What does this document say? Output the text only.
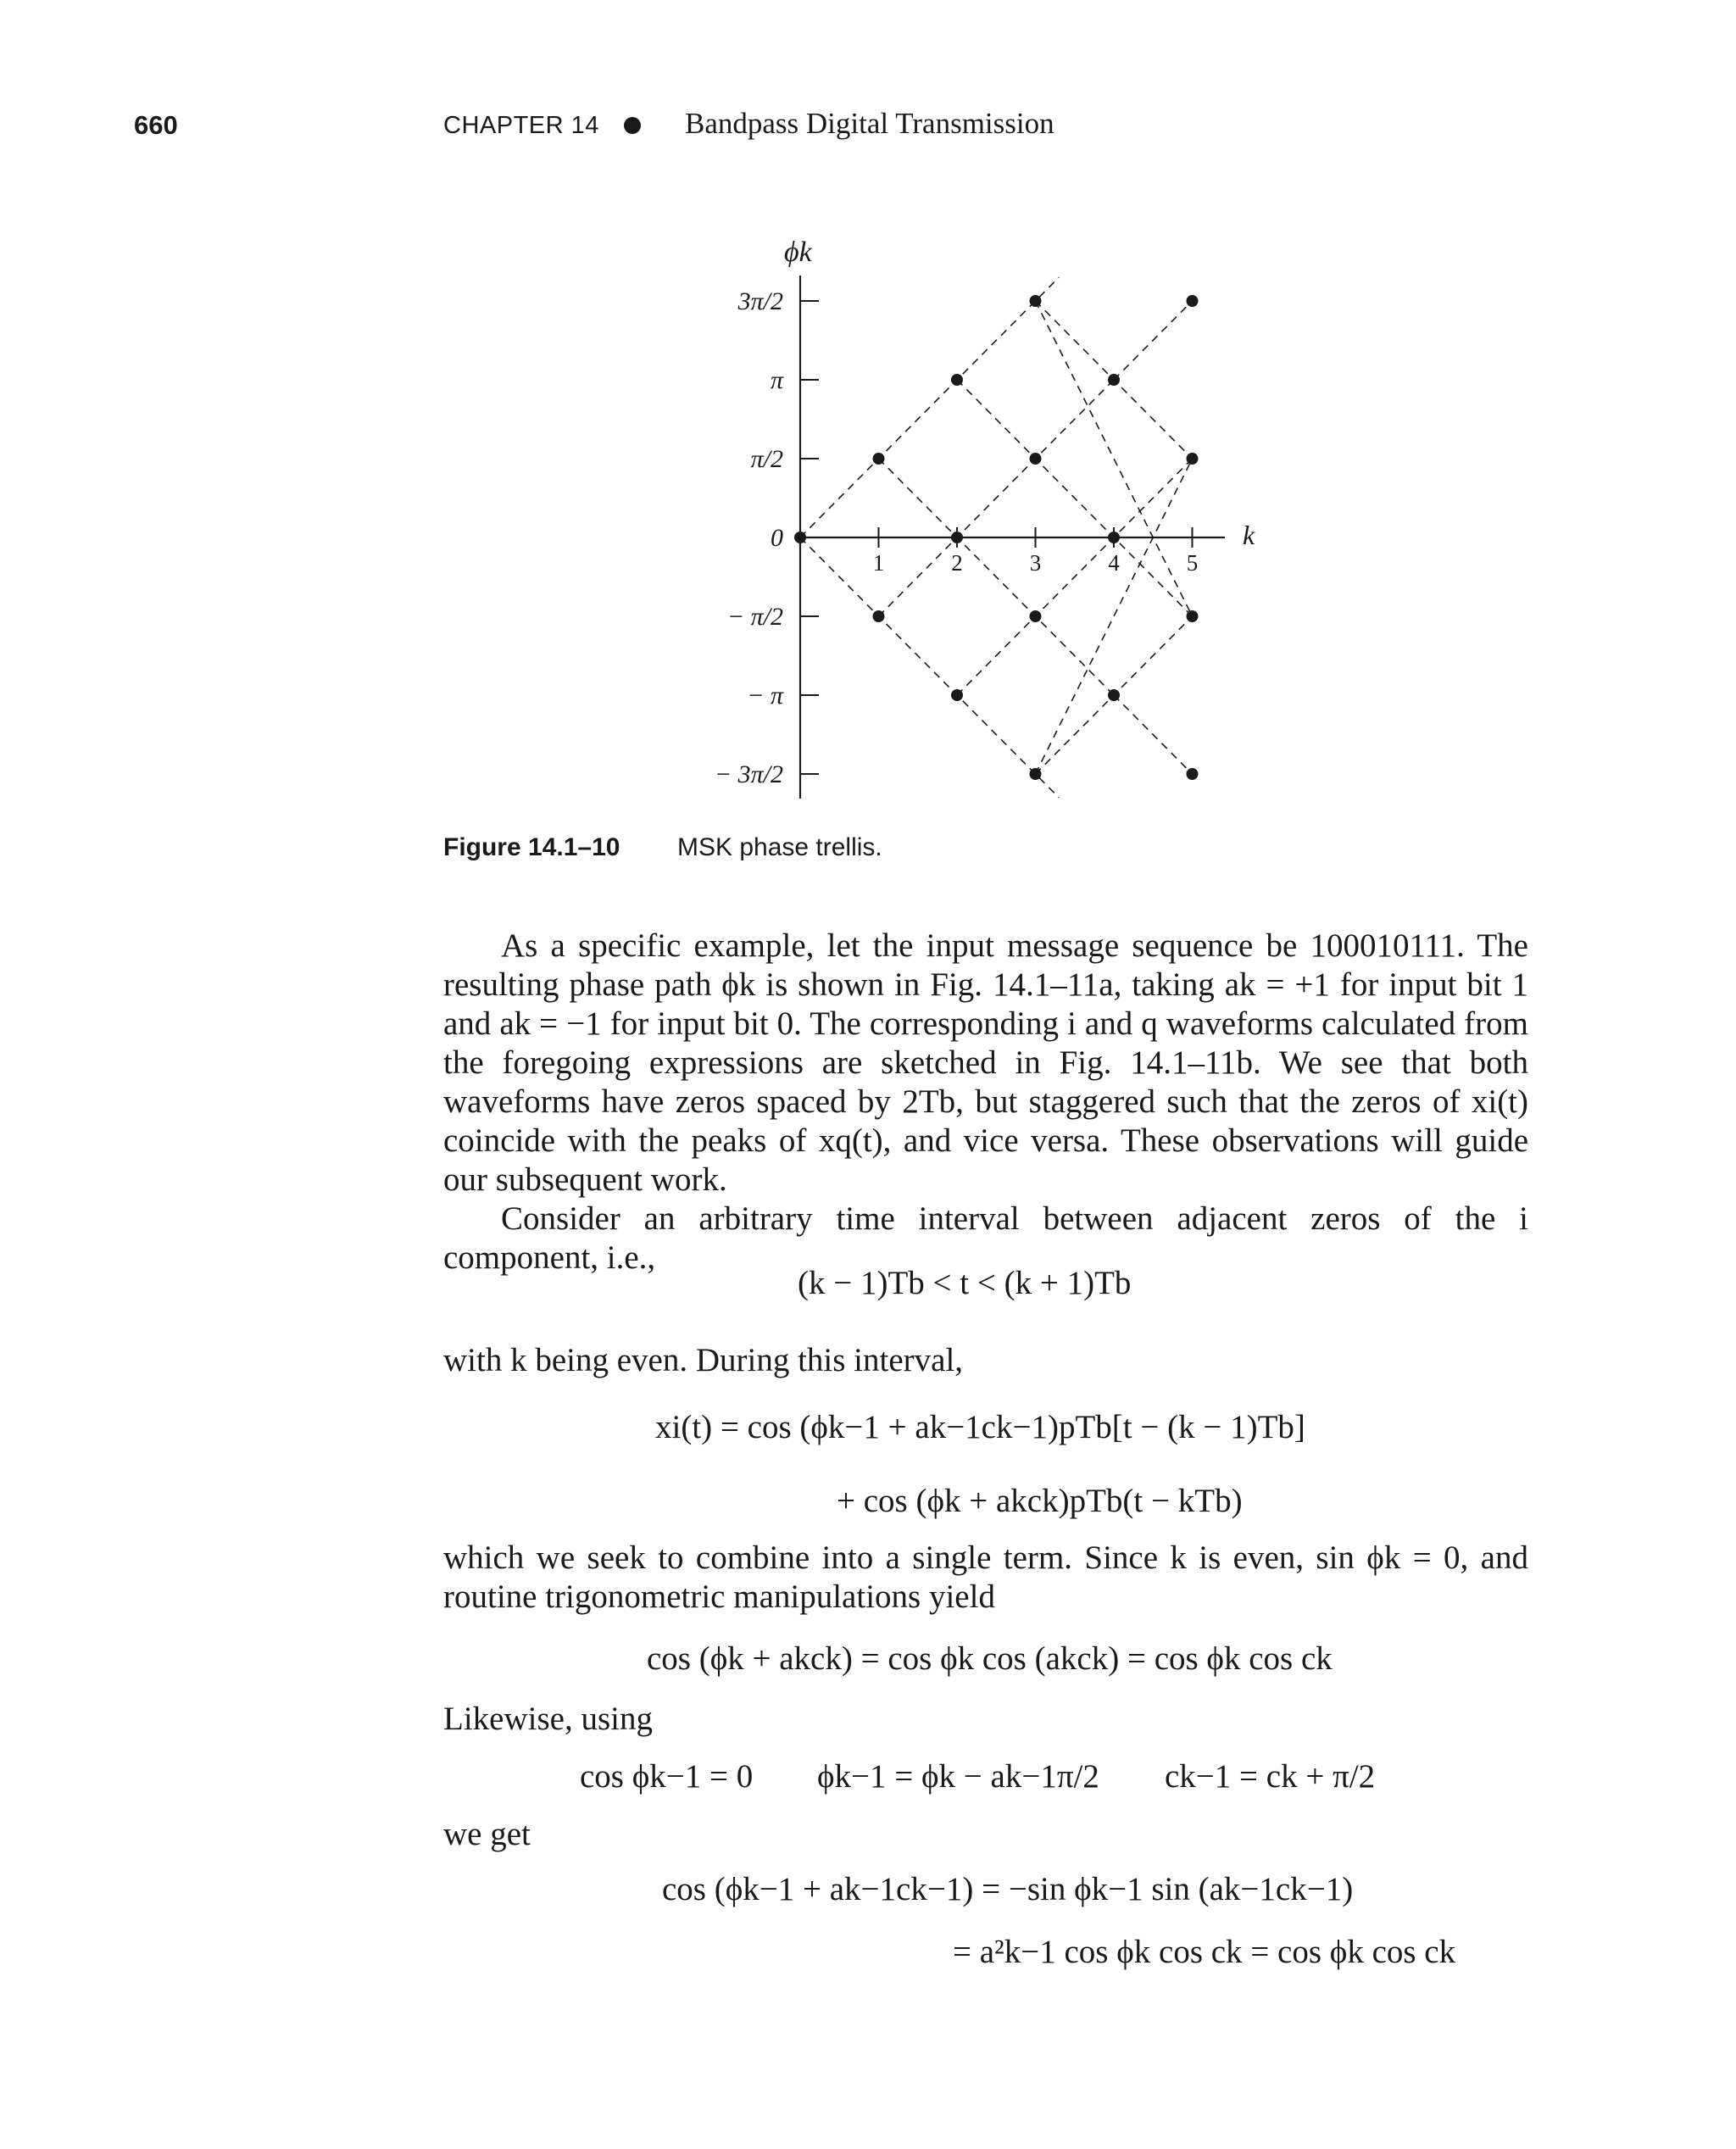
660	CHAPTER 14	Bandpass Digital Transmission
3π/2
π
π/2
0
− π/2
− π
− 3π/2
1	2	3	4	5
ϕk
k
Figure 14.1–10 MSK phase trellis.

As a specific example, let the input message sequence be 100010111. The resulting phase path ϕk is shown in Fig. 14.1–11a, taking ak = +1 for input bit 1 and ak = −1 for input bit 0. The corresponding i and q waveforms calculated from the foregoing expressions are sketched in Fig. 14.1–11b. We see that both waveforms have zeros spaced by 2Tb, but staggered such that the zeros of xi(t) coincide with the peaks of xq(t), and vice versa. These observations will guide our subsequent work.

Consider an arbitrary time interval between adjacent zeros of the i component, i.e.,

(k − 1)Tb < t < (k + 1)Tb
with k being even. During this interval,
xi(t) = cos (ϕk−1 + ak−1ck−1)pTb[t − (k − 1)Tb]
+ cos (ϕk + akck)pTb(t − kTb)

which we seek to combine into a single term. Since k is even, sin ϕk = 0, and routine trigonometric manipulations yield

cos (ϕk + akck) = cos ϕk cos (akck) = cos ϕk cos ck
Likewise, using
cos ϕk−1 = 0 ϕk−1 = ϕk − ak−1π/2 ck−1 = ck + π/2
we get
cos (ϕk−1 + ak−1ck−1) = −sin ϕk−1 sin (ak−1ck−1)
= a²k−1 cos ϕk cos ck = cos ϕk cos ck
